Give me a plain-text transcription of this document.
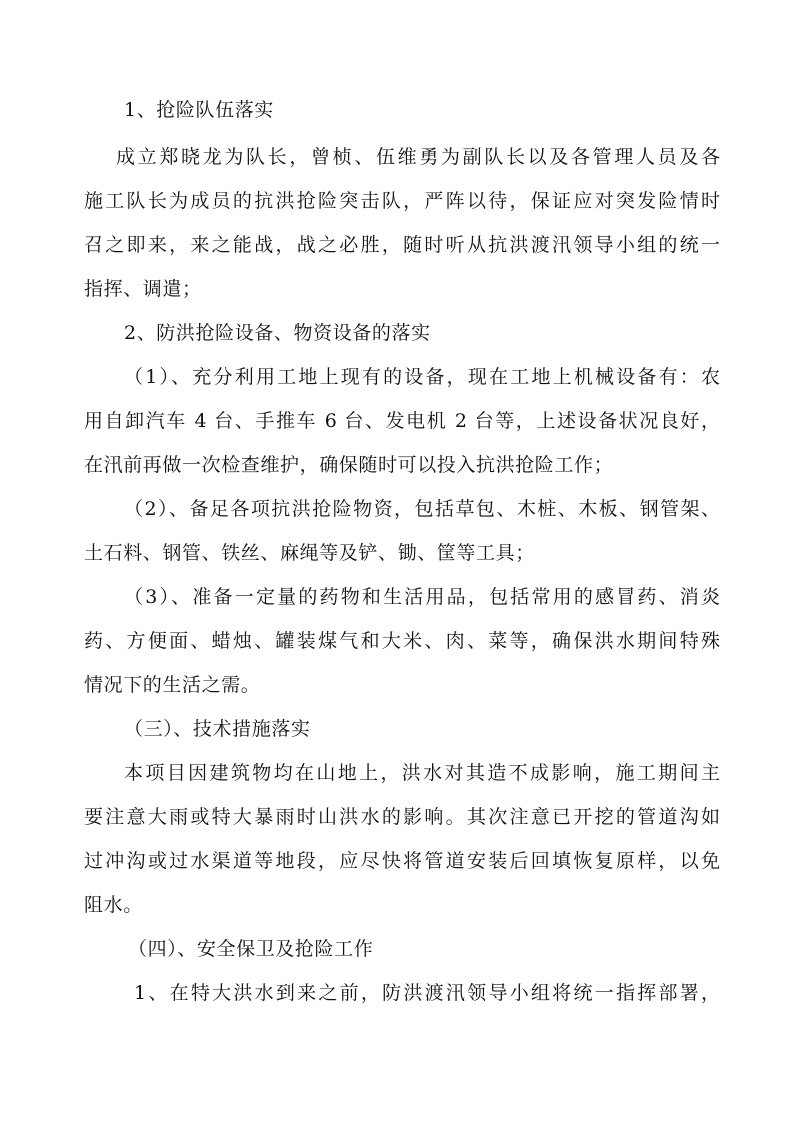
1、抢险队伍落实
成立郑晓龙为队长，曾桢、伍维勇为副队长以及各管理人员及各
施工队长为成员的抗洪抢险突击队，严阵以待，保证应对突发险情时
召之即来，来之能战，战之必胜，随时听从抗洪渡汛领导小组的统一
指挥、调遣；
2、防洪抢险设备、物资设备的落实
（1）、充分利用工地上现有的设备，现在工地上机械设备有：农
用自卸汽车 4 台、手推车 6 台、发电机 2 台等，上述设备状况良好，
在汛前再做一次检查维护，确保随时可以投入抗洪抢险工作；
（2）、备足各项抗洪抢险物资，包括草包、木桩、木板、钢管架、
土石料、钢管、铁丝、麻绳等及铲、锄、筐等工具；
（3）、准备一定量的药物和生活用品，包括常用的感冒药、消炎
药、方便面、蜡烛、罐装煤气和大米、肉、菜等，确保洪水期间特殊
情况下的生活之需。
（三）、技术措施落实
本项目因建筑物均在山地上，洪水对其造不成影响，施工期间主
要注意大雨或特大暴雨时山洪水的影响。其次注意已开挖的管道沟如
过冲沟或过水渠道等地段，应尽快将管道安装后回填恢复原样，以免
阻水。
（四）、安全保卫及抢险工作
1、在特大洪水到来之前，防洪渡汛领导小组将统一指挥部署，
